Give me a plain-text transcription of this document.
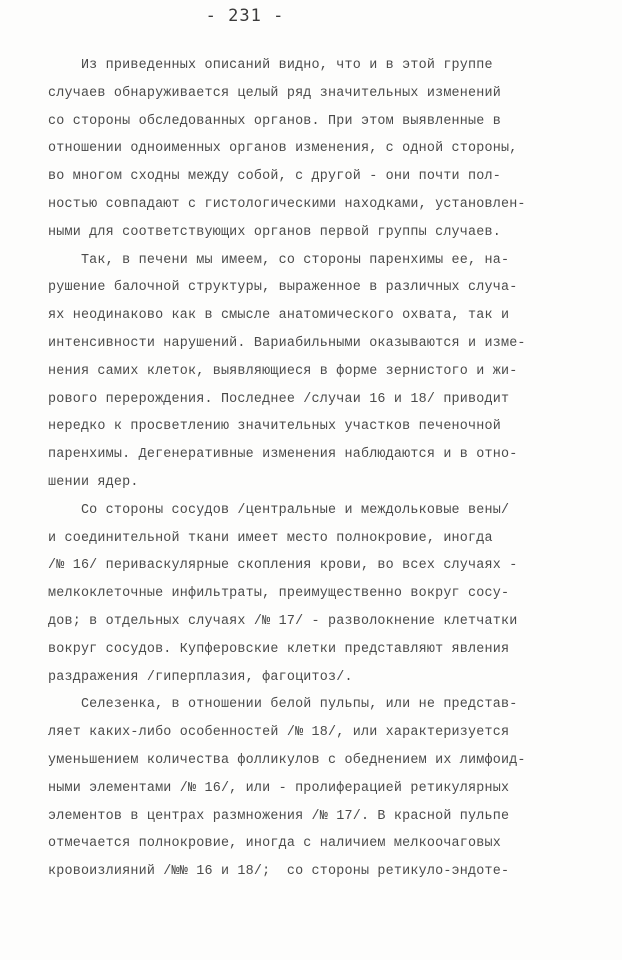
- 231 -
Из приведенных описаний видно, что и в этой группе
случаев обнаруживается целый ряд значительных изменений
со стороны обследованных органов. При этом выявленные в
отношении одноименных органов изменения, с одной стороны,
во многом сходны между собой, с другой - они почти пол-
ностью совпадают с гистологическими находками, установлен-
ными для соответствующих органов первой группы случаев.
Так, в печени мы имеем, со стороны паренхимы ее, на-
рушение балочной структуры, выраженное в различных случа-
ях неодинаково как в смысле анатомического охвата, так и
интенсивности нарушений. Вариабильными оказываются и изме-
нения самих клеток, выявляющиеся в форме зернистого и жи-
рового перерождения. Последнее /случаи 16 и 18/ приводит
нередко к просветлению значительных участков печеночной
паренхимы. Дегенеративные изменения наблюдаются и в отно-
шении ядер.
Со стороны сосудов /центральные и междольковые вены/
и соединительной ткани имеет место полнокровие, иногда
/№ 16/ периваскулярные скопления крови, во всех случаях -
мелкоклеточные инфильтраты, преимущественно вокруг сосу-
дов; в отдельных случаях /№ 17/ - разволокнение клетчатки
вокруг сосудов. Купферовские клетки представляют явления
раздражения /гиперплазия, фагоцитоз/.
Селезенка, в отношении белой пульпы, или не представ-
ляет каких-либо особенностей /№ 18/, или характеризуется
уменьшением количества фолликулов с обеднением их лимфоид-
ными элементами /№ 16/, или - пролиферацией ретикулярных
элементов в центрах размножения /№ 17/. В красной пульпе
отмечается полнокровие, иногда с наличием мелкоочаговых
кровоизлияний /№№ 16 и 18/;  со стороны ретикуло-эндоте-
